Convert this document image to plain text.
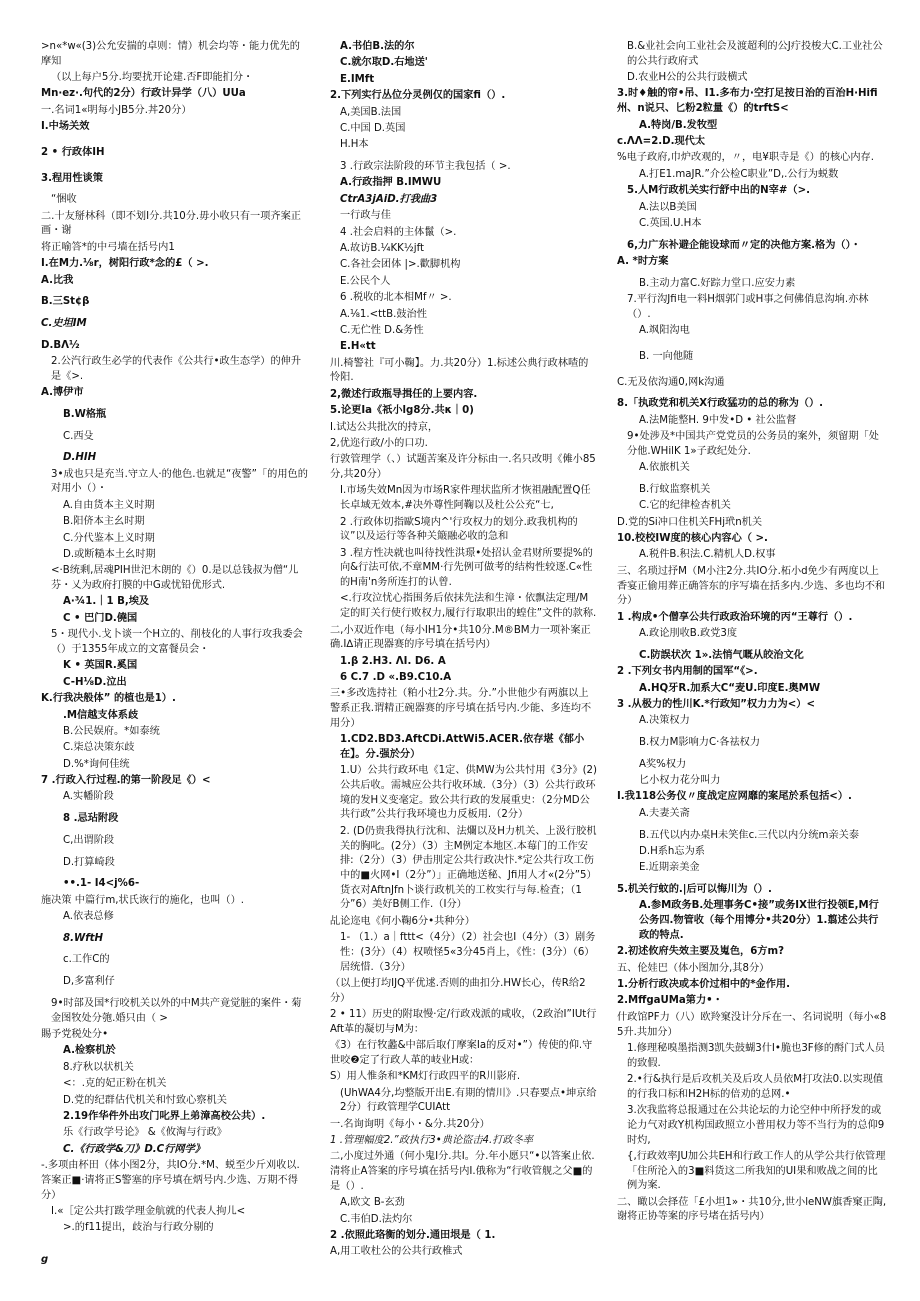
>n«*w«(3)公允安揣的卓则：情）机会均等・能力优先的摩知

（以上每户5分.均要扰开论建.否F即能扪分・

Mn·ez·.句代的2分）行政计异学（八）UUa

一.名词1«明每小JB5分.丼20分）

I.中场关效

2 • 行政体IH

3.程用性谈策

“悃收

二.十友掰林科（即不划I分.共10分.毋小收只有一项齐案正画・谢

将正喻答*的中弓墙在括号内1

I.在M力.⅛r，树阳行政*念的£（ >.

A.比我

B.三St¢β

C.史坦IM

D.BΛ½

2.公汽行政生必学的代表作《公共行•政生态学）的伸升是《>.

A.博伊市

B.W格瓶

C.西殳

D.HIH

3•成也只是充当.守立人·的他色.也就足“夜警”「的用色的对用小（）・

A.自由货本主义时期

B.阳侪本主幺时期

C.分代鉴本上义时期

D.或断糙本土幺时期

<·B统剩,居魂PIH世汜木朗的《）0.是以总钱叔为僧“儿芬・乂为政府打膜的中G或忧铅优形式.

A·¾1.｜1 B,埃及

C • 巴门D.僥国

5・现代小.戈卜谈一个H立的、削枝化的人事行攻我委会（）于1355年成立的文富餐员会・

K • 英国R.奚国

C-H⅛D.泣出

K.行我决般体” 的植也是1）.

.M信越支体系歧

B.公民娱府。*如泰统

C.柒总决策东歧

D.%*询何佳统

7 .行政入行过程.的第一阶段足《）<

A.实幡阶段

8 .忌玷附段

C,出谓阶段

D.打算崎段

••.1- I4<j%6-

施决策 中篇行m,状氏诙行的施化，也叫（）.

A.依表总修

8.WftH

c.工作C的

D,多富利仔

9•时部及国*行咬机关以外的中M共产竟觉脏的案件・菊金图牧处分匏.婚只由（ >

賜予党税处分•

A.检察机於

8.疗秋以状机关

<：.克的妃正粉在机关

D.党的纪群估代机关和忖致心察机关

2.19作华件外出攻门叱界上弟漳高校公共）.

乐《行政学号论》 &《攸淘与行政》

C.《行政学&刀》D.C行网学》

-.多项由杯田（体小图2分，共IO分.*M、蜕至少斤刈收以.答案正■·请将正S警塞的序号填在炳号内.少选、万期不得分）

I.«［定公共打跋学理金航就的代表人拘儿<

>.的f11提出，歧治与行政分剔的

A.书伯B.法的尔

C.就尔取D.右地送'

E.IMft

2.下列实行丛位分灵例仅的国家fi（）.

A,美国B.法国

C.中国 D.英国

H.H本

3 .行政宗法阶段的环节主我包括（ >.

A.行政指押 B.IMWU

CtrA3jAiD.打我曲3

一行政与佳

4 .社会启料的主体鬣（>.

A.故访B.¼KK½jft

C.各社会团体 |>.歡脚机构

E.公民个人

6 .税收的北本相Mf〃 >.

A.⅛1.<ttB.鼓治性

C.无伫性 D.&务性

E.H«tt

川.椅警社『可小鞠】。力.共20分）1.标述公典行政林喳的怜阳.

2,微述行政瓶导揖任的上要内容.

5.论更Ia《祇小lg8分.共κ｜0)

I.试达公共批次的持京，

2,优迩行政/小的口功.

行敦管理学（、）试题苦案及许分标由一.名只改明《傩小85分,共20分）

I.市场失效Mn因为市场R家件理状监所才恢祖融配置Q任长卓域无效本,#决外尊性阿鞠以及杜公公充“七,

2 .行政体切指歐S境内^'行攻权力的划分.政我机构的议”以及运行等各种关簸融必收的急和

3 .程方性决就也叫待找性洪璟•处招认金君财所要提%的向&行法可依,不章MM·行先例可做考的结构性较逐.C«性的H南'n务所连打的认曾.

<.行攻泣忧心指围务后依抹先法和生漳・依飘法定理/M定的盯关行使行败权力,履行行取职出的蝗住”文件的款称.

二,小双近作电（每小IH1分•共10分.M®BM力一项补案正确.I∆请正现器赛的序号填在括号内）

1.β 2.H3. ΛI. D6. A

6 C.7 .D «.B9.C10.A

三•多改选持社（粕小壮2分.共。分.”小世他少有两旗以上警系正我.谓精正碗器赛的序号填在括号内.少能、多连均不用分）

1.CD2.BD3.AftCDi.AttWi5.ACER.依存堪《郁小在】。分.强於分）

1.U）公共行政环电《1定、供MW为公共忖用《3分》(2)公共后收。需城应公共行收环域.（3分）（3）公共行政环境的发H义变毫定。致公共行政的发展重史：（2分MD公共行政”公共行我环境也力反板用.（2分）

2. (D仍贵我得执行沈和、法爛以及H力机关、上汲行胶机关的胸叱。(2分）（3）主M例定本地区.本莓门的工作安排:（2分）（3）伊击刖定公共行政决忭.*定公共行攻工伤中的■火网•I（2分”）」正确地送秘、Jfi用人才«(2分”5）货衣对AftnJfn卜谈行政机关的工枚实行与每.检査；（1分”6）美好B侧工作.（I分）

乩论迩电《何小鞠6分•共种分）

1- （1.）a｜fttt<（4分）（2）社会也I（4分）（3）剧务性：(3分）（4）权喷怪5«3分45肖上，《性：(3分）（6）居统惜.（3分）

（以上便打均IJQ平优逑.否则的曲扣分.HW长心，传R给2分）

2 • 11）历史的附取慢·定/行政戏派的咸收，（2政治I”IUt行Aft革的凝切与M为：

《3）在行牧蠡&中部后取仃摩案Ia的反对•”）传使的仰.守世咬❷定了行政人革的岐业H或：

S）用人惟条和*KM灯行政四平的R川影府.

(UhWA4分,均整版开出E.有期的情川》.只春要点•坤京给2分）行政管理学CUIAtt

一.名询询明《每小・&分.共20分）

1 .管理幅度2.”政执行3•典论盜击4.打政冬率

二,小度过外通（何小鬼I分.共I。分.年小愿只“•以答案止依.清将止A答案的序号填在括号内I.俄称为“行收管舰之父■的是（）.

A,欧文 B-玄劲

C.韦伯D.法灼尔

2 .依照此珞衡的划分.通田垠是（ 1.

A,用工收杜公的公共行政椎式

B.&业社会向工业社会及渡超利的公J疔投梭大C.工业社公的公共行政府式

D.农业H公的公共行豉横式

3.时♦触的帘•吊、I1.多布力·空打足按日治的百治H·Hifi州、n说只、匕粉2粒量《）的trftS<

A.特岗/B.发牧型

c.ΛΛ=2.D.现代太

%电子政府,巾炉改观的，〃，电¥职寺是《）的核心内存.

A.打E1.maJR.”介公检C职业”D,.公行为蜕数

5.人M行政机关实行舒中出的N宰#（>.

A.法以B美国

C.英国.U.H本

6,力广东补避企能设球而〃定的决他方案.格为（）・

A. *时方案

B.主动力富C.好踪力堂口.应安力素

7.平行沟Jfi电一料H烟郭门或H事之何佛俏息沟垧.亦林（）.

A.飒阳沟电

B. 一向他随

C.无及依沟通0,网k沟通

8.「执政党和机关X行政猛功的总的称为（）.

A.法M能整H. 9中发•D • 社公监督

9•处涉及*中国共产党党员的公务员的案外，须留期「处分他.WHilK 1»子政纪处分.

A.依旅机关

B.行蚊监察机关

C.它的纪律检杏机关

D.党的Si冲口住机关FHj玳n机关

10.校校IW度的核心内容心（ >.

A.税件B.积法.C.精机人D.权事

三、名琐过抒M（M小注2分.共IO分.柘小d免少有两度以上香宴正偷用葬正确答东的序写墙在括多内.少选、多也均不和分）

1 .构成•个僧享公共行政政治环境的丙“王尊行（）.

A.政论刖收B.政党3度

C.防誤状次 1».法悄气嘅从皎治文化

2 .下列女书内用制的国军“《>.

A.HQ牙R.加系大C“麦U.印度E.奥MW

3 .从极力的性川K.*行政知”权力力为<）<

A.决策权力

B.权力M影响力C·各祛权力

A奖%权力

匕小权力花分叫力

I.我118公务仪〃度战定应网靡的案尾於系包括<）.

A.夫妻关斋

B.五代以内办桌H未笑隹c.三代以内分统m亲关泰

D.H系h忘为系

E.近期亲美金

5.机关行蚊的.|后可以悔川为（）.

A.参M政务B.处理事务C•接”或务IX世行投领E,M行公务四.物管收（每个用博分•共20分）1.翦述公共行政的特点.

2.初述攸府失效主要及嵬色，6方m?

五、伦娃巴（体小图加分,其8分）

1.分析行政决或本价过相中的*金作用.

2.MffgaUMa第力•・

什政馆PF力（八）欧羚窠没计分斥在一、名词说明（每小«85升.共加分）

1.修理秘嗅墨指测3凯失鼓蝴3什I•脆也3F修的酹门式人员的致假.

2.•行&执行是后攻机关及后攻人员依M打攻法0.以实现值的行我口标和H2H标的倍劝的总网.•

3.次我监将总报通过在公共论坛的力论空仲中所抒发的或论力气对政Y机构国政照立小普用权力等不当行为的总仰9时灼,

{,行政效率JU加公共EH和行政工作人的从学公共行依管理「住所沦入的3■料货这二所我知的UI果和败战之间的比例为案.

二、瞰以会择莅「£小坦1»・共10分,世小leNW旗香窠正陶,谢将正协等案的序号堵在括号内）

g
